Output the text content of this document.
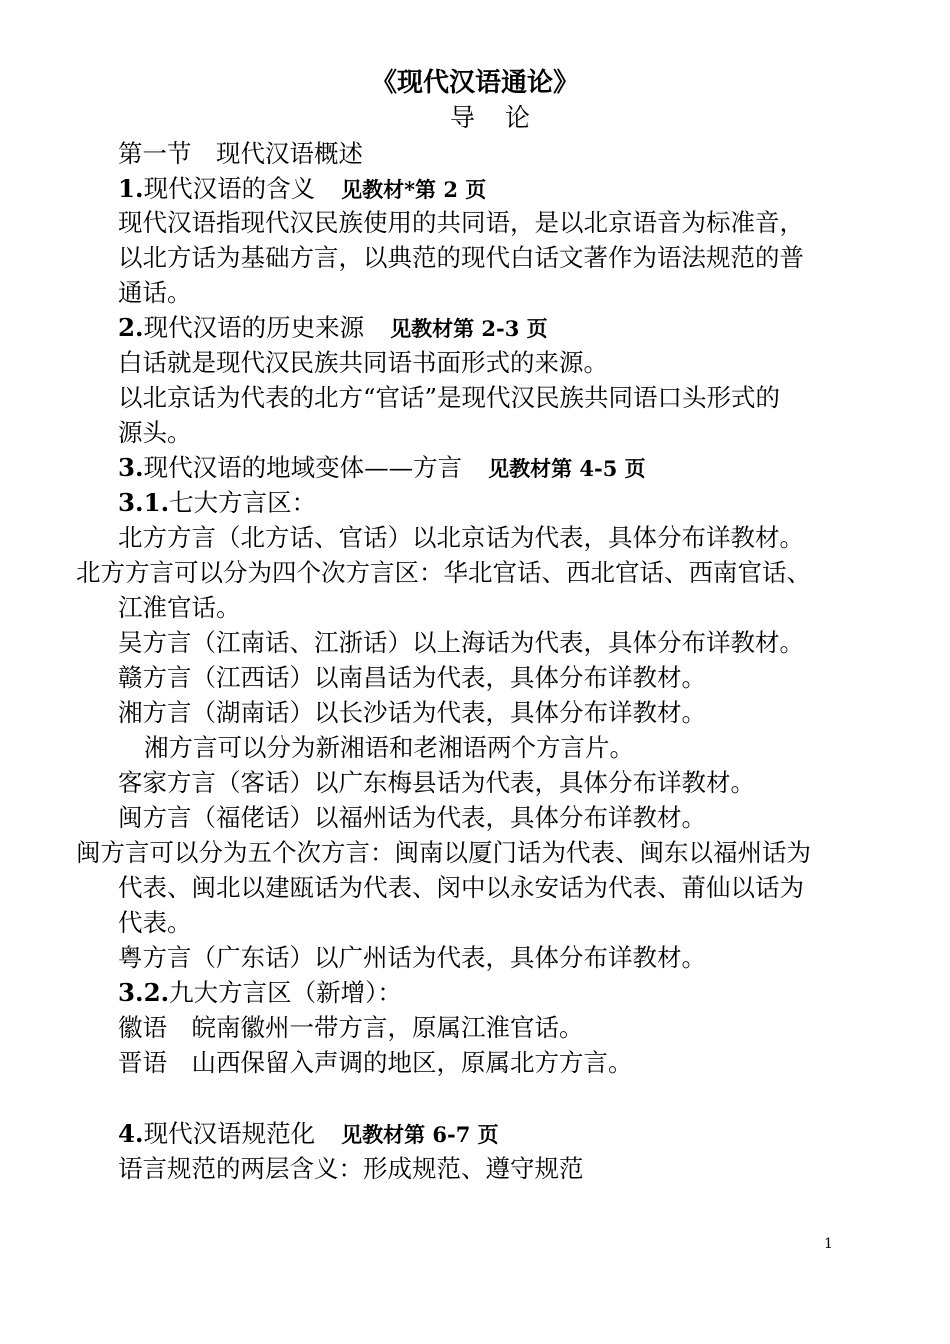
《现代汉语通论》
导论
第一节　现代汉语概述
1.现代汉语的含义 见教材*第 2 页
现代汉语指现代汉民族使用的共同语，是以北京语音为标准音，
以北方话为基础方言，以典范的现代白话文著作为语法规范的普
通话。
2.现代汉语的历史来源 见教材第 2-3 页
白话就是现代汉民族共同语书面形式的来源。
以北京话为代表的北方“官话”是现代汉民族共同语口头形式的
源头。
3.现代汉语的地域变体——方言 见教材第 4-5 页
3.1.七大方言区：
北方方言（北方话、官话）以北京话为代表，具体分布详教材。
北方方言可以分为四个次方言区：华北官话、西北官话、西南官话、
江淮官话。
吴方言（江南话、江浙话）以上海话为代表，具体分布详教材。
赣方言（江西话）以南昌话为代表，具体分布详教材。
湘方言（湖南话）以长沙话为代表，具体分布详教材。
湘方言可以分为新湘语和老湘语两个方言片。
客家方言（客话）以广东梅县话为代表，具体分布详教材。
闽方言（福佬话）以福州话为代表，具体分布详教材。
闽方言可以分为五个次方言：闽南以厦门话为代表、闽东以福州话为
代表、闽北以建瓯话为代表、闵中以永安话为代表、莆仙以话为
代表。
粤方言（广东话）以广州话为代表，具体分布详教材。
3.2.九大方言区（新增）：
徽语　皖南徽州一带方言，原属江淮官话。
晋语　山西保留入声调的地区，原属北方方言。
4.现代汉语规范化 见教材第 6-7 页
语言规范的两层含义：形成规范、遵守规范
1
